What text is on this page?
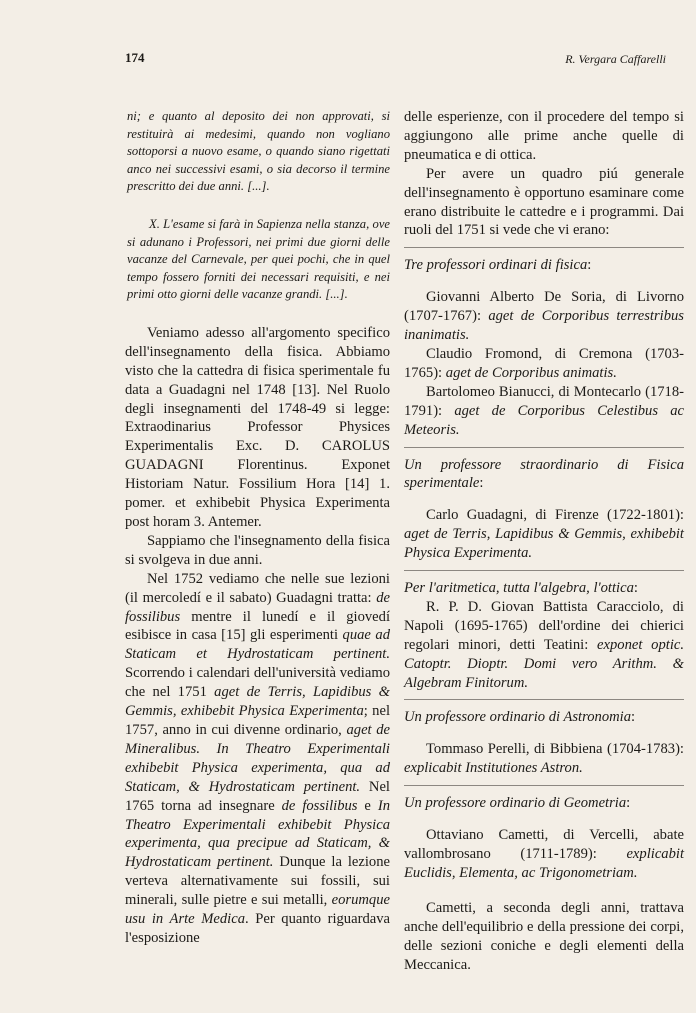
174	R. Vergara Caffarelli

ni; e quanto al deposito dei non approvati, si restituirà ai medesimi, quando non vogliano sottoporsi a nuovo esame, o quando siano rigettati anco nei successivi esami, o sia decorso il termine prescritto dei due anni. [...].

X. L'esame si farà in Sapienza nella stanza, ove si adunano i Professori, nei primi due giorni delle vacanze del Carnevale, per quei pochi, che in quel tempo fossero forniti dei necessari requisiti, e nei primi otto giorni delle vacanze grandi. [...].

Veniamo adesso all'argomento specifico dell'insegnamento della fisica. Abbiamo visto che la cattedra di fisica sperimentale fu data a Guadagni nel 1748 [13]. Nel Ruolo degli insegnamenti del 1748-49 si legge: Extraodinarius Professor Physices Experimentalis Exc. D. CAROLUS GUADAGNI Florentinus. Exponet Historiam Natur. Fossilium Hora [14] 1. pomer. et exhibebit Physica Experimenta post horam 3. Antemer.

Sappiamo che l'insegnamento della fisica si svolgeva in due anni.

Nel 1752 vediamo che nelle sue lezioni (il mercoledí e il sabato) Guadagni tratta: de fossilibus mentre il lunedí e il giovedí esibisce in casa [15] gli esperimenti quae ad Staticam et Hydrostaticam pertinent. Scorrendo i calendari dell'università vediamo che nel 1751 aget de Terris, Lapidibus & Gemmis, exhibebit Physica Experimenta; nel 1757, anno in cui divenne ordinario, aget de Mineralibus. In Theatro Experimentali exhibebit Physica experimenta, qua ad Staticam, & Hydrostaticam pertinent. Nel 1765 torna ad insegnare de fossilibus e In Theatro Experimentali exhibebit Physica experimenta, qua precipue ad Staticam, & Hydrostaticam pertinent. Dunque la lezione verteva alternativamente sui fossili, sui minerali, sulle pietre e sui metalli, eorumque usu in Arte Medica. Per quanto riguardava l'esposizione

delle esperienze, con il procedere del tempo si aggiungono alle prime anche quelle di pneumatica e di ottica.

Per avere un quadro piú generale dell'insegnamento è opportuno esaminare come erano distribuite le cattedre e i programmi. Dai ruoli del 1751 si vede che vi erano:

Tre professori ordinari di fisica:

Giovanni Alberto De Soria, di Livorno (1707-1767): aget de Corporibus terrestribus inanimatis.

Claudio Fromond, di Cremona (1703-1765): aget de Corporibus animatis.

Bartolomeo Bianucci, di Montecarlo (1718-1791): aget de Corporibus Celestibus ac Meteoris.

Un professore straordinario di Fisica sperimentale:

Carlo Guadagni, di Firenze (1722-1801): aget de Terris, Lapidibus & Gemmis, exhibebit Physica Experimenta.

Per l'aritmetica, tutta l'algebra, l'ottica:

R. P. D. Giovan Battista Caracciolo, di Napoli (1695-1765) dell'ordine dei chierici regolari minori, detti Teatini: exponet optic. Catoptr. Dioptr. Domi vero Arithm. & Algebram Finitorum.

Un professore ordinario di Astronomia:

Tommaso Perelli, di Bibbiena (1704-1783): explicabit Institutiones Astron.

Un professore ordinario di Geometria:

Ottaviano Cametti, di Vercelli, abate vallombrosano (1711-1789): explicabit Euclidis, Elementa, ac Trigonometriam.

Cametti, a seconda degli anni, trattava anche dell'equilibrio e della pressione dei corpi, delle sezioni coniche e degli elementi della Meccanica.
